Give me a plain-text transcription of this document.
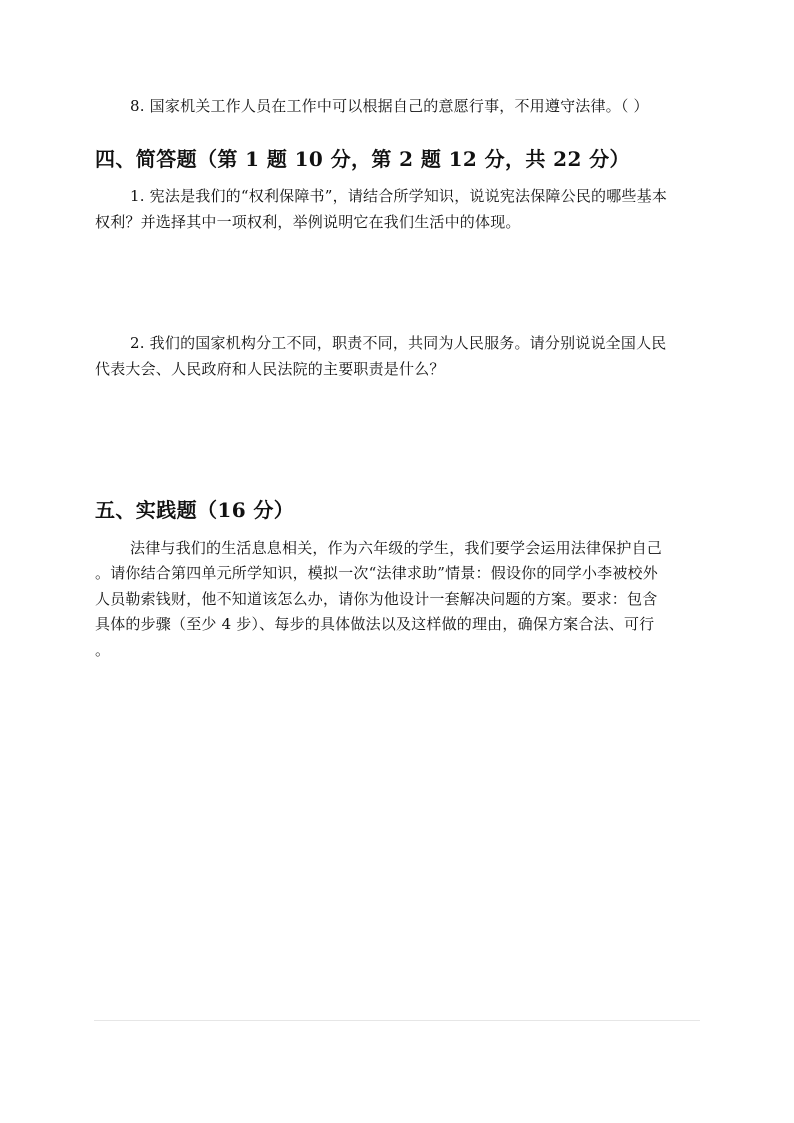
8. 国家机关工作人员在工作中可以根据自己的意愿行事，不用遵守法律。（ ）
四、简答题（第 1 题 10 分，第 2 题 12 分，共 22 分）
1. 宪法是我们的“权利保障书”，请结合所学知识，说说宪法保障公民的哪些基本
权利？并选择其中一项权利，举例说明它在我们生活中的体现。
2. 我们的国家机构分工不同，职责不同，共同为人民服务。请分别说说全国人民
代表大会、人民政府和人民法院的主要职责是什么？
五、实践题（16 分）
法律与我们的生活息息相关，作为六年级的学生，我们要学会运用法律保护自己
。请你结合第四单元所学知识，模拟一次“法律求助”情景：假设你的同学小李被校外
人员勒索钱财，他不知道该怎么办，请你为他设计一套解决问题的方案。要求：包含
具体的步骤（至少 4 步）、每步的具体做法以及这样做的理由，确保方案合法、可行
。
